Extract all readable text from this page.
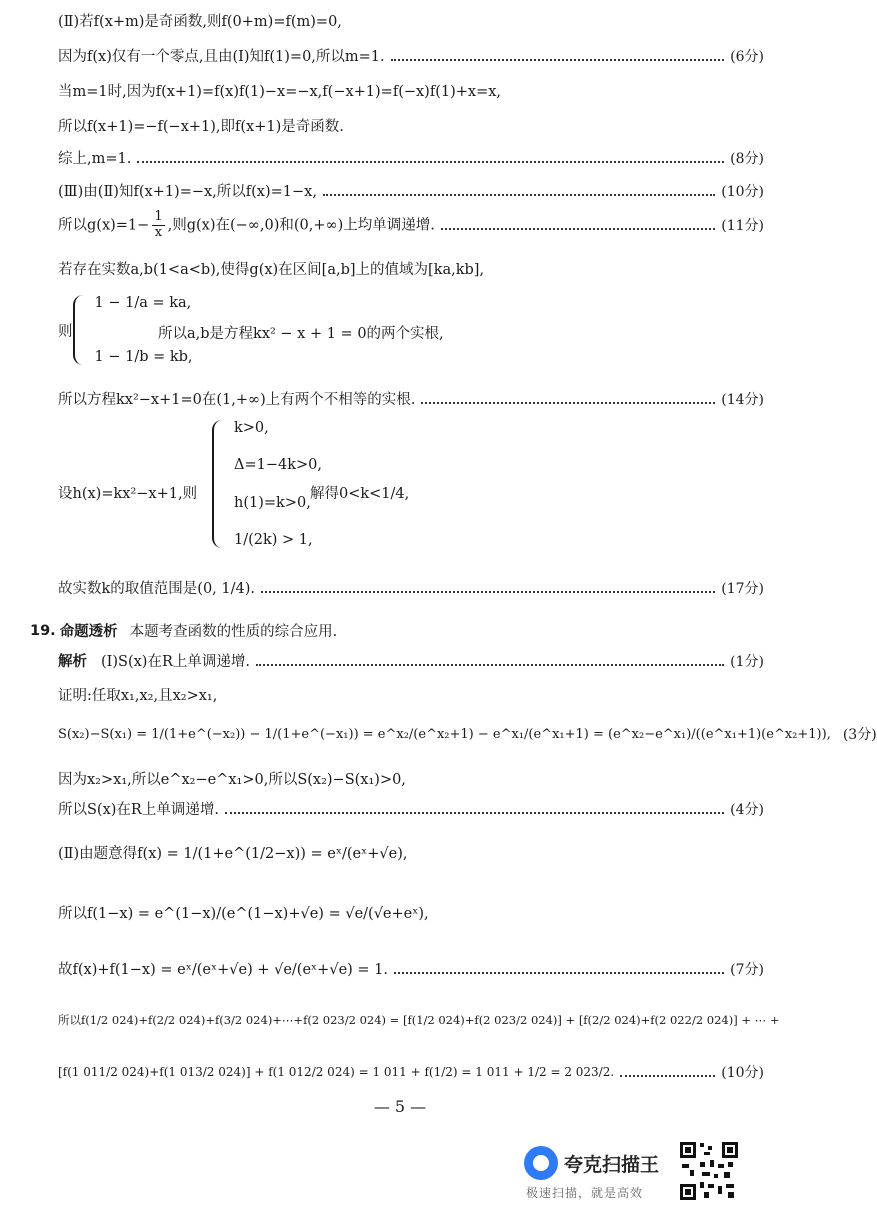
(Ⅱ)若f(x+m)是奇函数,则f(0+m)=f(m)=0,
因为f(x)仅有一个零点,且由(Ⅰ)知f(1)=0,所以m=1.	(6分)
当m=1时,因为f(x+1)=f(x)f(1)−x=−x,f(−x+1)=f(−x)f(1)+x=x,
所以f(x+1)=−f(−x+1),即f(x+1)是奇函数.
综上,m=1.	(8分)
(Ⅲ)由(Ⅱ)知f(x+1)=−x,所以f(x)=1−x,	(10分)
所以$g(x)=1- \frac{1}{x}$ ,则g(x)在(−∞,0)和(0,+∞)上均单调递增.	(11分)
若存在实数a,b(1<a<b),使得g(x)在区间[a,b]上的值域为[ka,kb],
则
1 − 1/a = ka,
1 − 1/b = kb,
所以a,b是方程kx² − x + 1 = 0的两个实根,
所以方程kx²−x+1=0在(1,+∞)上有两个不相等的实根.	(14分)
设h(x)=kx²−x+1,则
k>0,
Δ=1−4k>0,
h(1)=k>0,
1/(2k) > 1,
解得0<k<1/4,
故实数k的取值范围是(0, 1/4).	(17分)
19. 命题透析 本题考查函数的性质的综合应用.
解析 (Ⅰ)S(x)在R上单调递增.	(1分)
证明:任取x₁,x₂,且x₂>x₁,
S(x₂)−S(x₁) = 1/(1+e^(−x₂)) − 1/(1+e^(−x₁)) = e^x₂/(e^x₂+1) − e^x₁/(e^x₁+1) = (e^x₂−e^x₁)/((e^x₁+1)(e^x₂+1)), (3分)
因为x₂>x₁,所以e^x₂−e^x₁>0,所以S(x₂)−S(x₁)>0,
所以S(x)在R上单调递增.	(4分)
(Ⅱ)由题意得f(x) = 1/(1+e^(1/2−x)) = eˣ/(eˣ+√e),
所以f(1−x) = e^(1−x)/(e^(1−x)+√e) = √e/(√e+eˣ),
故f(x)+f(1−x) = eˣ/(eˣ+√e) + √e/(eˣ+√e) = 1.	(7分)
所以f(1/2 024)+f(2/2 024)+f(3/2 024)+⋯+f(2 023/2 024) = [f(1/2 024)+f(2 023/2 024)] + [f(2/2 024)+f(2 022/2 024)] + ⋯ +
[f(1 011/2 024)+f(1 013/2 024)] + f(1 012/2 024) = 1 011 + f(1/2) = 1 011 + 1/2 = 2 023/2.	(10分)
— 5 —
夸克扫描王
极速扫描，就是高效
